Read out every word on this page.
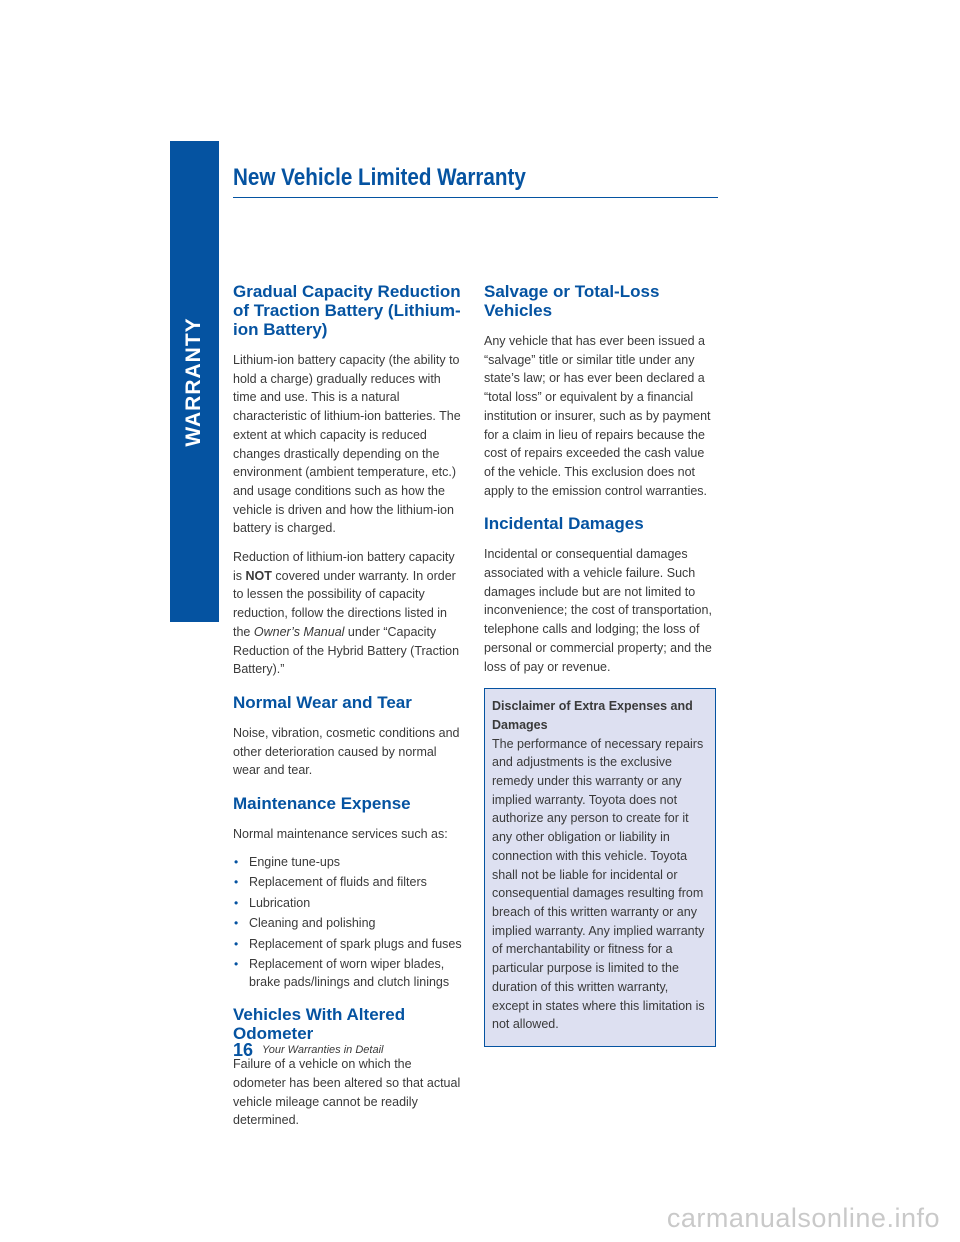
WARRANTY
New Vehicle Limited Warranty
Gradual Capacity Reduction of Traction Battery (Lithium-ion Battery)

Lithium-ion battery capacity (the ability to hold a charge) gradually reduces with time and use. This is a natural characteristic of lithium-ion batteries. The extent at which capacity is reduced changes drastically depending on the environment (ambient temperature, etc.) and usage conditions such as how the vehicle is driven and how the lithium-ion battery is charged.

Reduction of lithium-ion battery capacity is NOT covered under warranty. In order to lessen the possibility of capacity reduction, follow the directions listed in the Owner’s Manual under “Capacity Reduction of the Hybrid Battery (Traction Battery).”

Normal Wear and Tear

Noise, vibration, cosmetic conditions and other deterioration caused by normal wear and tear.

Maintenance Expense

Normal maintenance services such as:

• Engine tune-ups
• Replacement of fluids and filters
• Lubrication
• Cleaning and polishing
• Replacement of spark plugs and fuses
• Replacement of worn wiper blades, brake pads/linings and clutch linings
Vehicles With Altered Odometer

Failure of a vehicle on which the odometer has been altered so that actual vehicle mileage cannot be readily determined.

Salvage or Total-Loss Vehicles

Any vehicle that has ever been issued a “salvage” title or similar title under any state’s law; or has ever been declared a “total loss” or equivalent by a financial institution or insurer, such as by payment for a claim in lieu of repairs because the cost of repairs exceeded the cash value of the vehicle. This exclusion does not apply to the emission control warranties.

Incidental Damages

Incidental or consequential damages associated with a vehicle failure. Such damages include but are not limited to inconvenience; the cost of transportation, telephone calls and lodging; the loss of personal or commercial property; and the loss of pay or revenue.

Disclaimer of Extra Expenses and Damages
The performance of necessary repairs and adjustments is the exclusive remedy under this warranty or any implied warranty. Toyota does not authorize any person to create for it any other obligation or liability in connection with this vehicle. Toyota shall not be liable for incidental or consequential damages resulting from breach of this written warranty or any implied warranty. Any implied warranty of merchantability or fitness for a particular purpose is limited to the duration of this written warranty, except in states where this limitation is not allowed.
16 Your Warranties in Detail
carmanualsonline.info
